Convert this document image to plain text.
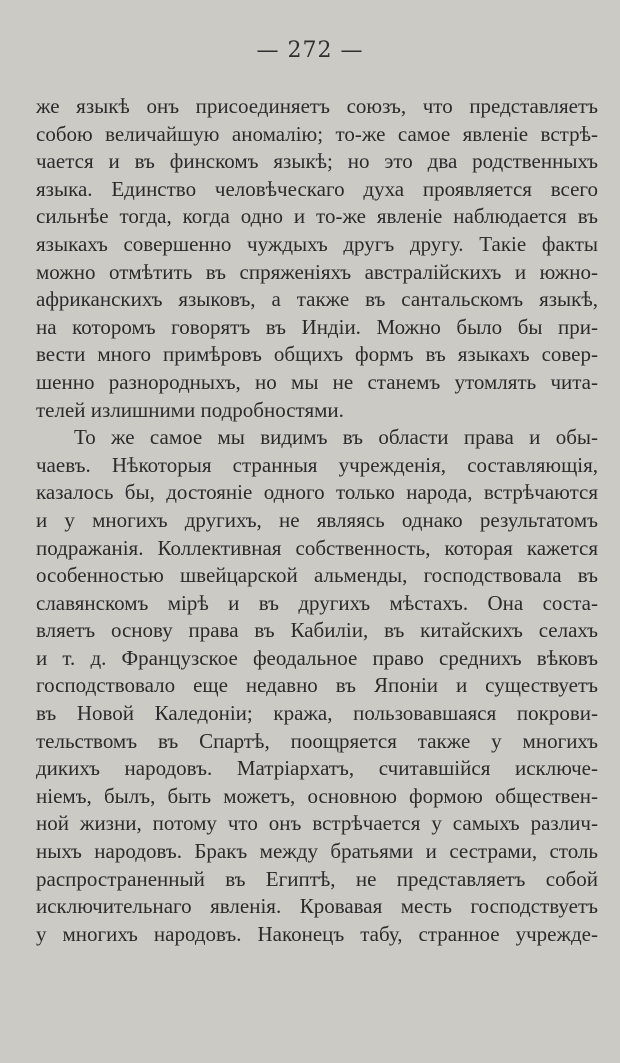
— 272 —
же языкѣ онъ присоединяетъ союзъ, что представляетъ
собою величайшую аномалію; то-же самое явленіе встрѣ-
чается и въ финскомъ языкѣ; но это два родственныхъ
языка. Единство человѣческаго духа проявляется всего
сильнѣе тогда, когда одно и то-же явленіе наблюдается въ
языкахъ совершенно чуждыхъ другъ другу. Такіе факты
можно отмѣтить въ спряженіяхъ австралійскихъ и южно-
африканскихъ языковъ, а также въ сантальскомъ языкѣ,
на которомъ говорятъ въ Индіи. Можно было бы при-
вести много примѣровъ общихъ формъ въ языкахъ совер-
шенно разнородныхъ, но мы не станемъ утомлять чита-
телей излишними подробностями.
То же самое мы видимъ въ области права и обы-
чаевъ. Нѣкоторыя странныя учрежденія, составляющія,
казалось бы, достояніе одного только народа, встрѣчаются
и у многихъ другихъ, не являясь однако результатомъ
подражанія. Коллективная собственность, которая кажется
особенностью швейцарской альменды, господствовала въ
славянскомъ мірѣ и въ другихъ мѣстахъ. Она соста-
вляетъ основу права въ Кабиліи, въ китайскихъ селахъ
и т. д. Французское феодальное право среднихъ вѣковъ
господствовало еще недавно въ Японіи и существуетъ
въ Новой Каледоніи; кража, пользовавшаяся покрови-
тельствомъ въ Спартѣ, поощряется также у многихъ
дикихъ народовъ. Матріархатъ, считавшійся исключе-
ніемъ, былъ, быть можетъ, основною формою обществен-
ной жизни, потому что онъ встрѣчается у самыхъ различ-
ныхъ народовъ. Бракъ между братьями и сестрами, столь
распространенный въ Египтѣ, не представляетъ собой
исключительнаго явленія. Кровавая месть господствуетъ
у многихъ народовъ. Наконецъ табу, странное учрежде-
